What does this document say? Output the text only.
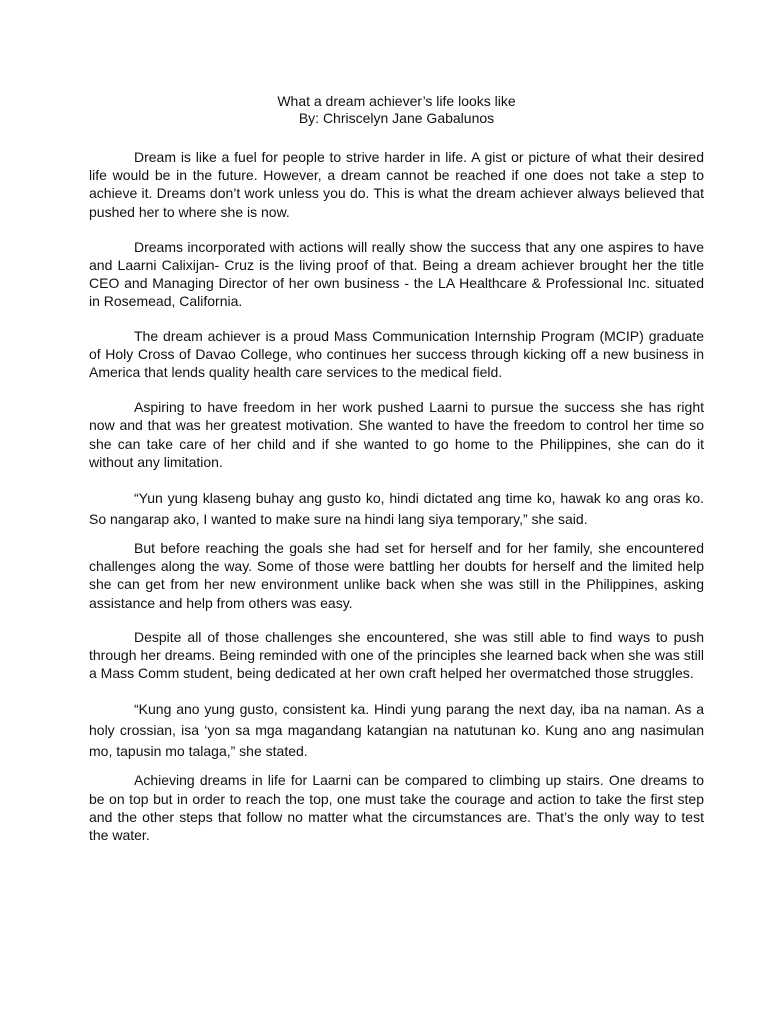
What a dream achiever’s life looks like
By: Chriscelyn Jane Gabalunos

Dream is like a fuel for people to strive harder in life. A gist or picture of what their desired life would be in the future. However, a dream cannot be reached if one does not take a step to achieve it. Dreams don’t work unless you do. This is what the dream achiever always believed that pushed her to where she is now.

Dreams incorporated with actions will really show the success that any one aspires to have and Laarni Calixijan- Cruz is the living proof of that. Being a dream achiever brought her the title CEO and Managing Director of her own business - the LA Healthcare & Professional Inc. situated in Rosemead, California.

The dream achiever is a proud Mass Communication Internship Program (MCIP) graduate of Holy Cross of Davao College, who continues her success through kicking off a new business in America that lends quality health care services to the medical field.

Aspiring to have freedom in her work pushed Laarni to pursue the success she has right now and that was her greatest motivation. She wanted to have the freedom to control her time so she can take care of her child and if she wanted to go home to the Philippines, she can do it without any limitation.

“Yun yung klaseng buhay ang gusto ko, hindi dictated ang time ko, hawak ko ang oras ko. So nangarap ako, I wanted to make sure na hindi lang siya temporary,” she said.

But before reaching the goals she had set for herself and for her family, she encountered challenges along the way. Some of those were battling her doubts for herself and the limited help she can get from her new environment unlike back when she was still in the Philippines, asking assistance and help from others was easy.

Despite all of those challenges she encountered, she was still able to find ways to push through her dreams. Being reminded with one of the principles she learned back when she was still a Mass Comm student, being dedicated at her own craft helped her overmatched those struggles.

“Kung ano yung gusto, consistent ka. Hindi yung parang the next day, iba na naman. As a holy crossian, isa ‘yon sa mga magandang katangian na natutunan ko. Kung ano ang nasimulan mo, tapusin mo talaga,” she stated.

Achieving dreams in life for Laarni can be compared to climbing up stairs. One dreams to be on top but in order to reach the top, one must take the courage and action to take the first step and the other steps that follow no matter what the circumstances are. That’s the only way to test the water.
